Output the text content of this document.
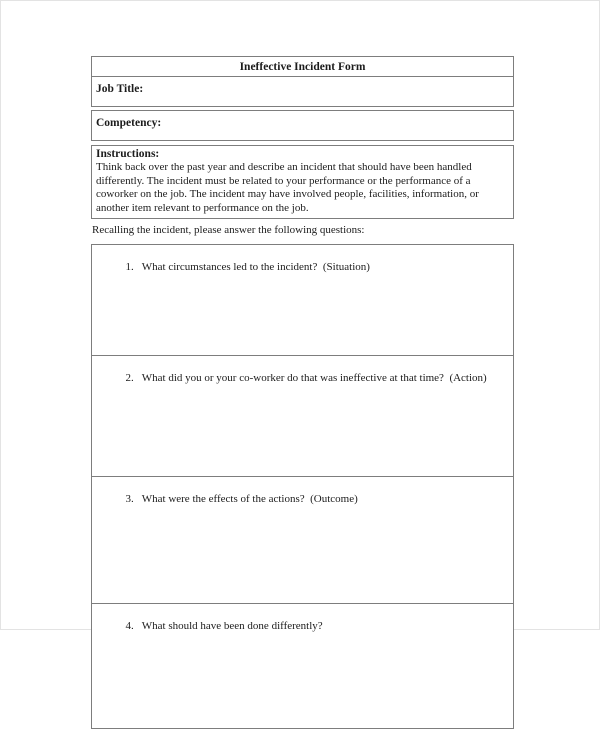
Ineffective Incident Form
Job Title:
Competency:
Instructions:
Think back over the past year and describe an incident that should have been handled differently. The incident must be related to your performance or the performance of a coworker on the job. The incident may have involved people, facilities, information, or another item relevant to performance on the job.
Recalling the incident, please answer the following questions:

1. What circumstances led to the incident?  (Situation)

2. What did you or your co-worker do that was ineffective at that time?  (Action)

3. What were the effects of the actions?  (Outcome)

4. What should have been done differently?
